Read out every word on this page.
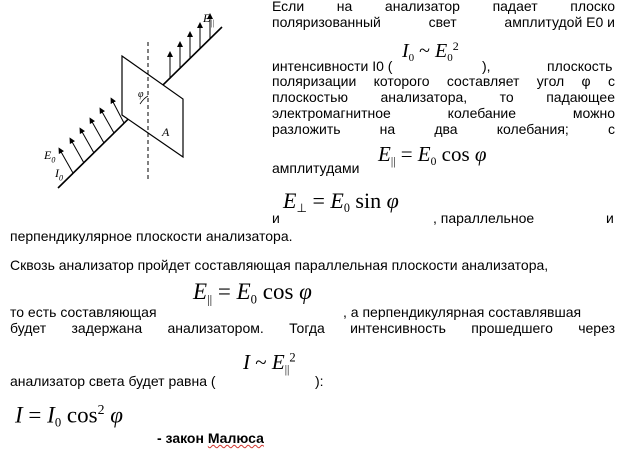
$E_{||}$
φ
A
$E_0$
$I_0$
Если на анализатор падает плоско
поляризованный	свет	амплитудой E0 и
интенсивности I0 (
$I_0$ ~ $E_0^2$
),	плоскость
поляризации которого составляет угол φ с
плоскостью анализатора, то падающее
электромагнитное	колебание	можно
разложить	на	два	колебания;	с
амплитудами
$E_{||} = E_0$ cos φ
и
$E_\perp = E_0$ sin φ
, параллельное	и
перпендикулярное плоскости анализатора.
Сквозь анализатор пройдет составляющая параллельная плоскости анализатора,
то есть составляющая
$E_{||} = E_0$ cos φ
, а перпендикулярная составлявшая
будет задержана анализатором. Тогда интенсивность прошедшего через
анализатор света будет равна (
I ~ $E_{||}^2$
):
$I = I_0$ $\cos^2 \varphi$
- закон Малюса
